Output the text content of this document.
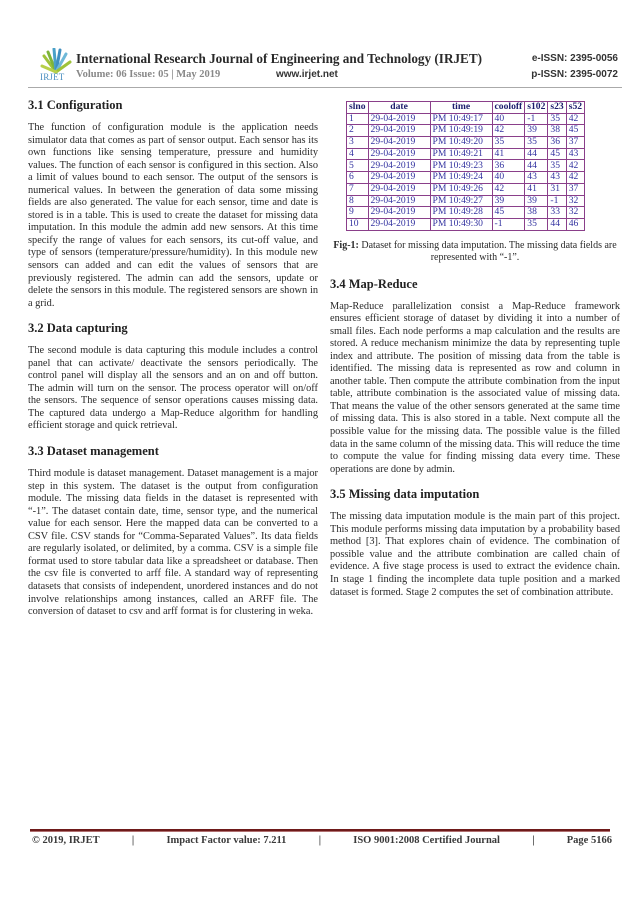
IRJET
International Research Journal of Engineering and Technology (IRJET)
Volume: 06 Issue: 05 | May 2019	www.irjet.net
e-ISSN: 2395-0056
p-ISSN: 2395-0072
3.1 Configuration

The function of configuration module is the application needs simulator data that comes as part of sensor output. Each sensor has its own functions like sensing temperature, pressure and humidity values. The function of each sensor is configured in this section. Also a limit of values bound to each sensor. The output of the sensors is numerical values. In between the generation of data some missing fields are also generated. The value for each sensor, time and date is stored is in a table. This is used to create the dataset for missing data imputation. In this module the admin add new sensors. At this time specify the range of values for each sensors, its cut-off value, and type of sensors (temperature/pressure/humidity). In this module new sensors can added and can edit the values of sensors that are previously registered. The admin can add the sensors, update or delete the sensors in this module. The registered sensors are shown in a grid.

3.2 Data capturing

The second module is data capturing this module includes a control panel that can activate/ deactivate the sensors periodically. The control panel will display all the sensors and an on and off button. The admin will turn on the sensor. The process operator will on/off the sensors. The sequence of sensor operations causes missing data. The captured data undergo a Map-Reduce algorithm for handling efficient storage and quick retrieval.

3.3 Dataset management

Third module is dataset management. Dataset management is a major step in this system. The dataset is the output from configuration module. The missing data fields in the dataset is represented with “-1”. The dataset contain date, time, sensor type, and the numerical value for each sensor. Here the mapped data can be converted to a CSV file. CSV stands for “Comma-Separated Values”. Its data fields are regularly isolated, or delimited, by a comma. CSV is a simple file format used to store tabular data like a spreadsheet or database. Then the csv file is converted to arff file. A standard way of representing datasets that consists of independent, unordered instances and do not involve relationships among instances, called an ARFF file. The conversion of dataset to csv and arff format is for clustering in weka.

slno	date	time	cooloff	s102	s23	s52
1	29-04-2019	PM 10:49:17	40	-1	35	42
2	29-04-2019	PM 10:49:19	42	39	38	45
3	29-04-2019	PM 10:49:20	35	35	36	37
4	29-04-2019	PM 10:49:21	41	44	45	43
5	29-04-2019	PM 10:49:23	36	44	35	42
6	29-04-2019	PM 10:49:24	40	43	43	42
7	29-04-2019	PM 10:49:26	42	41	31	37
8	29-04-2019	PM 10:49:27	39	39	-1	32
9	29-04-2019	PM 10:49:28	45	38	33	32
10	29-04-2019	PM 10:49:30	-1	35	44	46
Fig-1: Dataset for missing data imputation. The missing data fields are represented with “-1”.
3.4 Map-Reduce

Map-Reduce parallelization consist a Map-Reduce framework ensures efficient storage of dataset by dividing it into a number of small files. Each node performs a map calculation and the results are stored. A reduce mechanism minimize the data by representing tuple index and attribute. The position of missing data from the table is identified. The missing data is represented as row and column in another table. Then compute the attribute combination from the input table, attribute combination is the associated value of missing data. That means the value of the other sensors generated at the same time of missing data. This is also stored in a table. Next compute all the possible value for the missing data. The possible value is the filled data in the same column of the missing data. This will reduce the time to compute the value for finding missing data every time. These operations are done by admin.

3.5 Missing data imputation

The missing data imputation module is the main part of this project. This module performs missing data imputation by a probability based method [3]. That explores chain of evidence. The combination of possible value and the attribute combination are called chain of evidence. A five stage process is used to extract the evidence chain. In stage 1 finding the incomplete data tuple position and a marked dataset is formed. Stage 2 computes the set of combination attribute.

© 2019, IRJET	|	Impact Factor value: 7.211	|	ISO 9001:2008 Certified Journal	|	Page 5166
